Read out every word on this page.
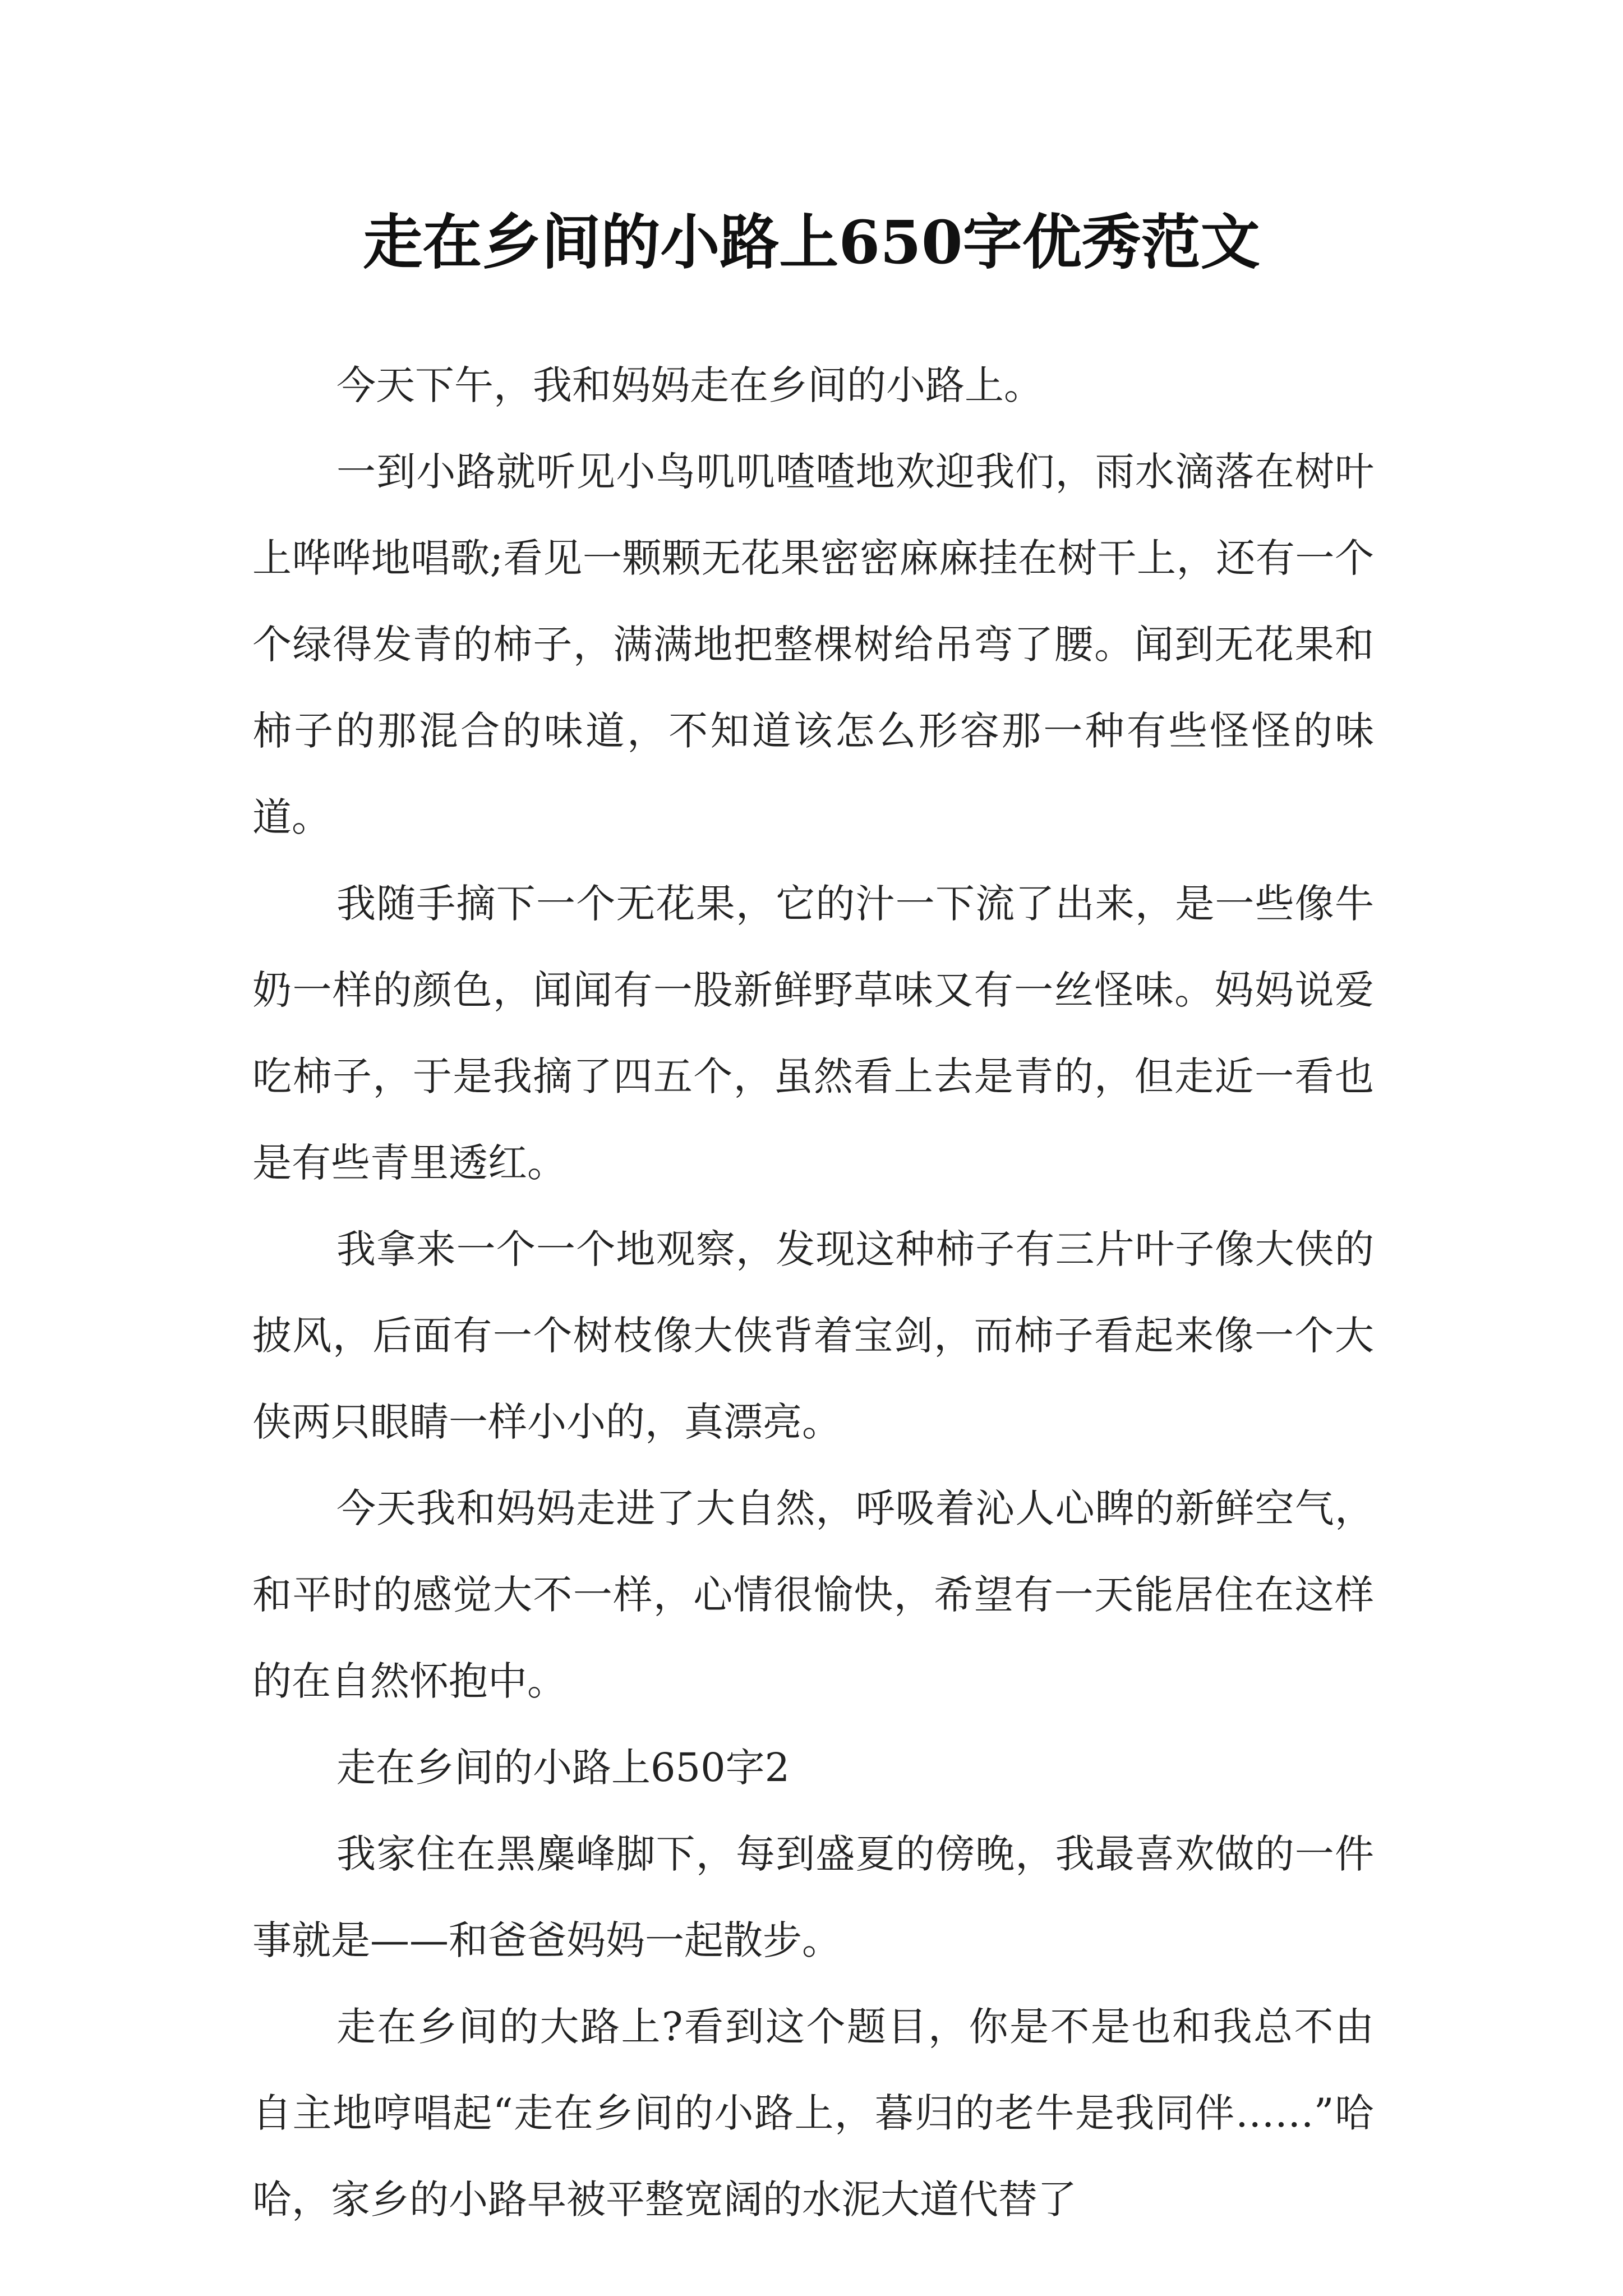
走在乡间的小路上650字优秀范文

今天下午，我和妈妈走在乡间的小路上。

一到小路就听见小鸟叽叽喳喳地欢迎我们，雨水滴落在树叶上哗哗地唱歌;看见一颗颗无花果密密麻麻挂在树干上，还有一个个绿得发青的柿子，满满地把整棵树给吊弯了腰。闻到无花果和柿子的那混合的味道，不知道该怎么形容那一种有些怪怪的味道。

我随手摘下一个无花果，它的汁一下流了出来，是一些像牛奶一样的颜色，闻闻有一股新鲜野草味又有一丝怪味。妈妈说爱吃柿子，于是我摘了四五个，虽然看上去是青的，但走近一看也是有些青里透红。

我拿来一个一个地观察，发现这种柿子有三片叶子像大侠的披风，后面有一个树枝像大侠背着宝剑，而柿子看起来像一个大侠两只眼睛一样小小的，真漂亮。

今天我和妈妈走进了大自然，呼吸着沁人心睥的新鲜空气，和平时的感觉大不一样，心情很愉快，希望有一天能居住在这样的在自然怀抱中。

走在乡间的小路上650字2

我家住在黑麋峰脚下，每到盛夏的傍晚，我最喜欢做的一件事就是——和爸爸妈妈一起散步。

走在乡间的大路上?看到这个题目，你是不是也和我总不由自主地哼唱起“走在乡间的小路上，暮归的老牛是我同伴……”哈哈，家乡的小路早被平整宽阔的水泥大道代替了
